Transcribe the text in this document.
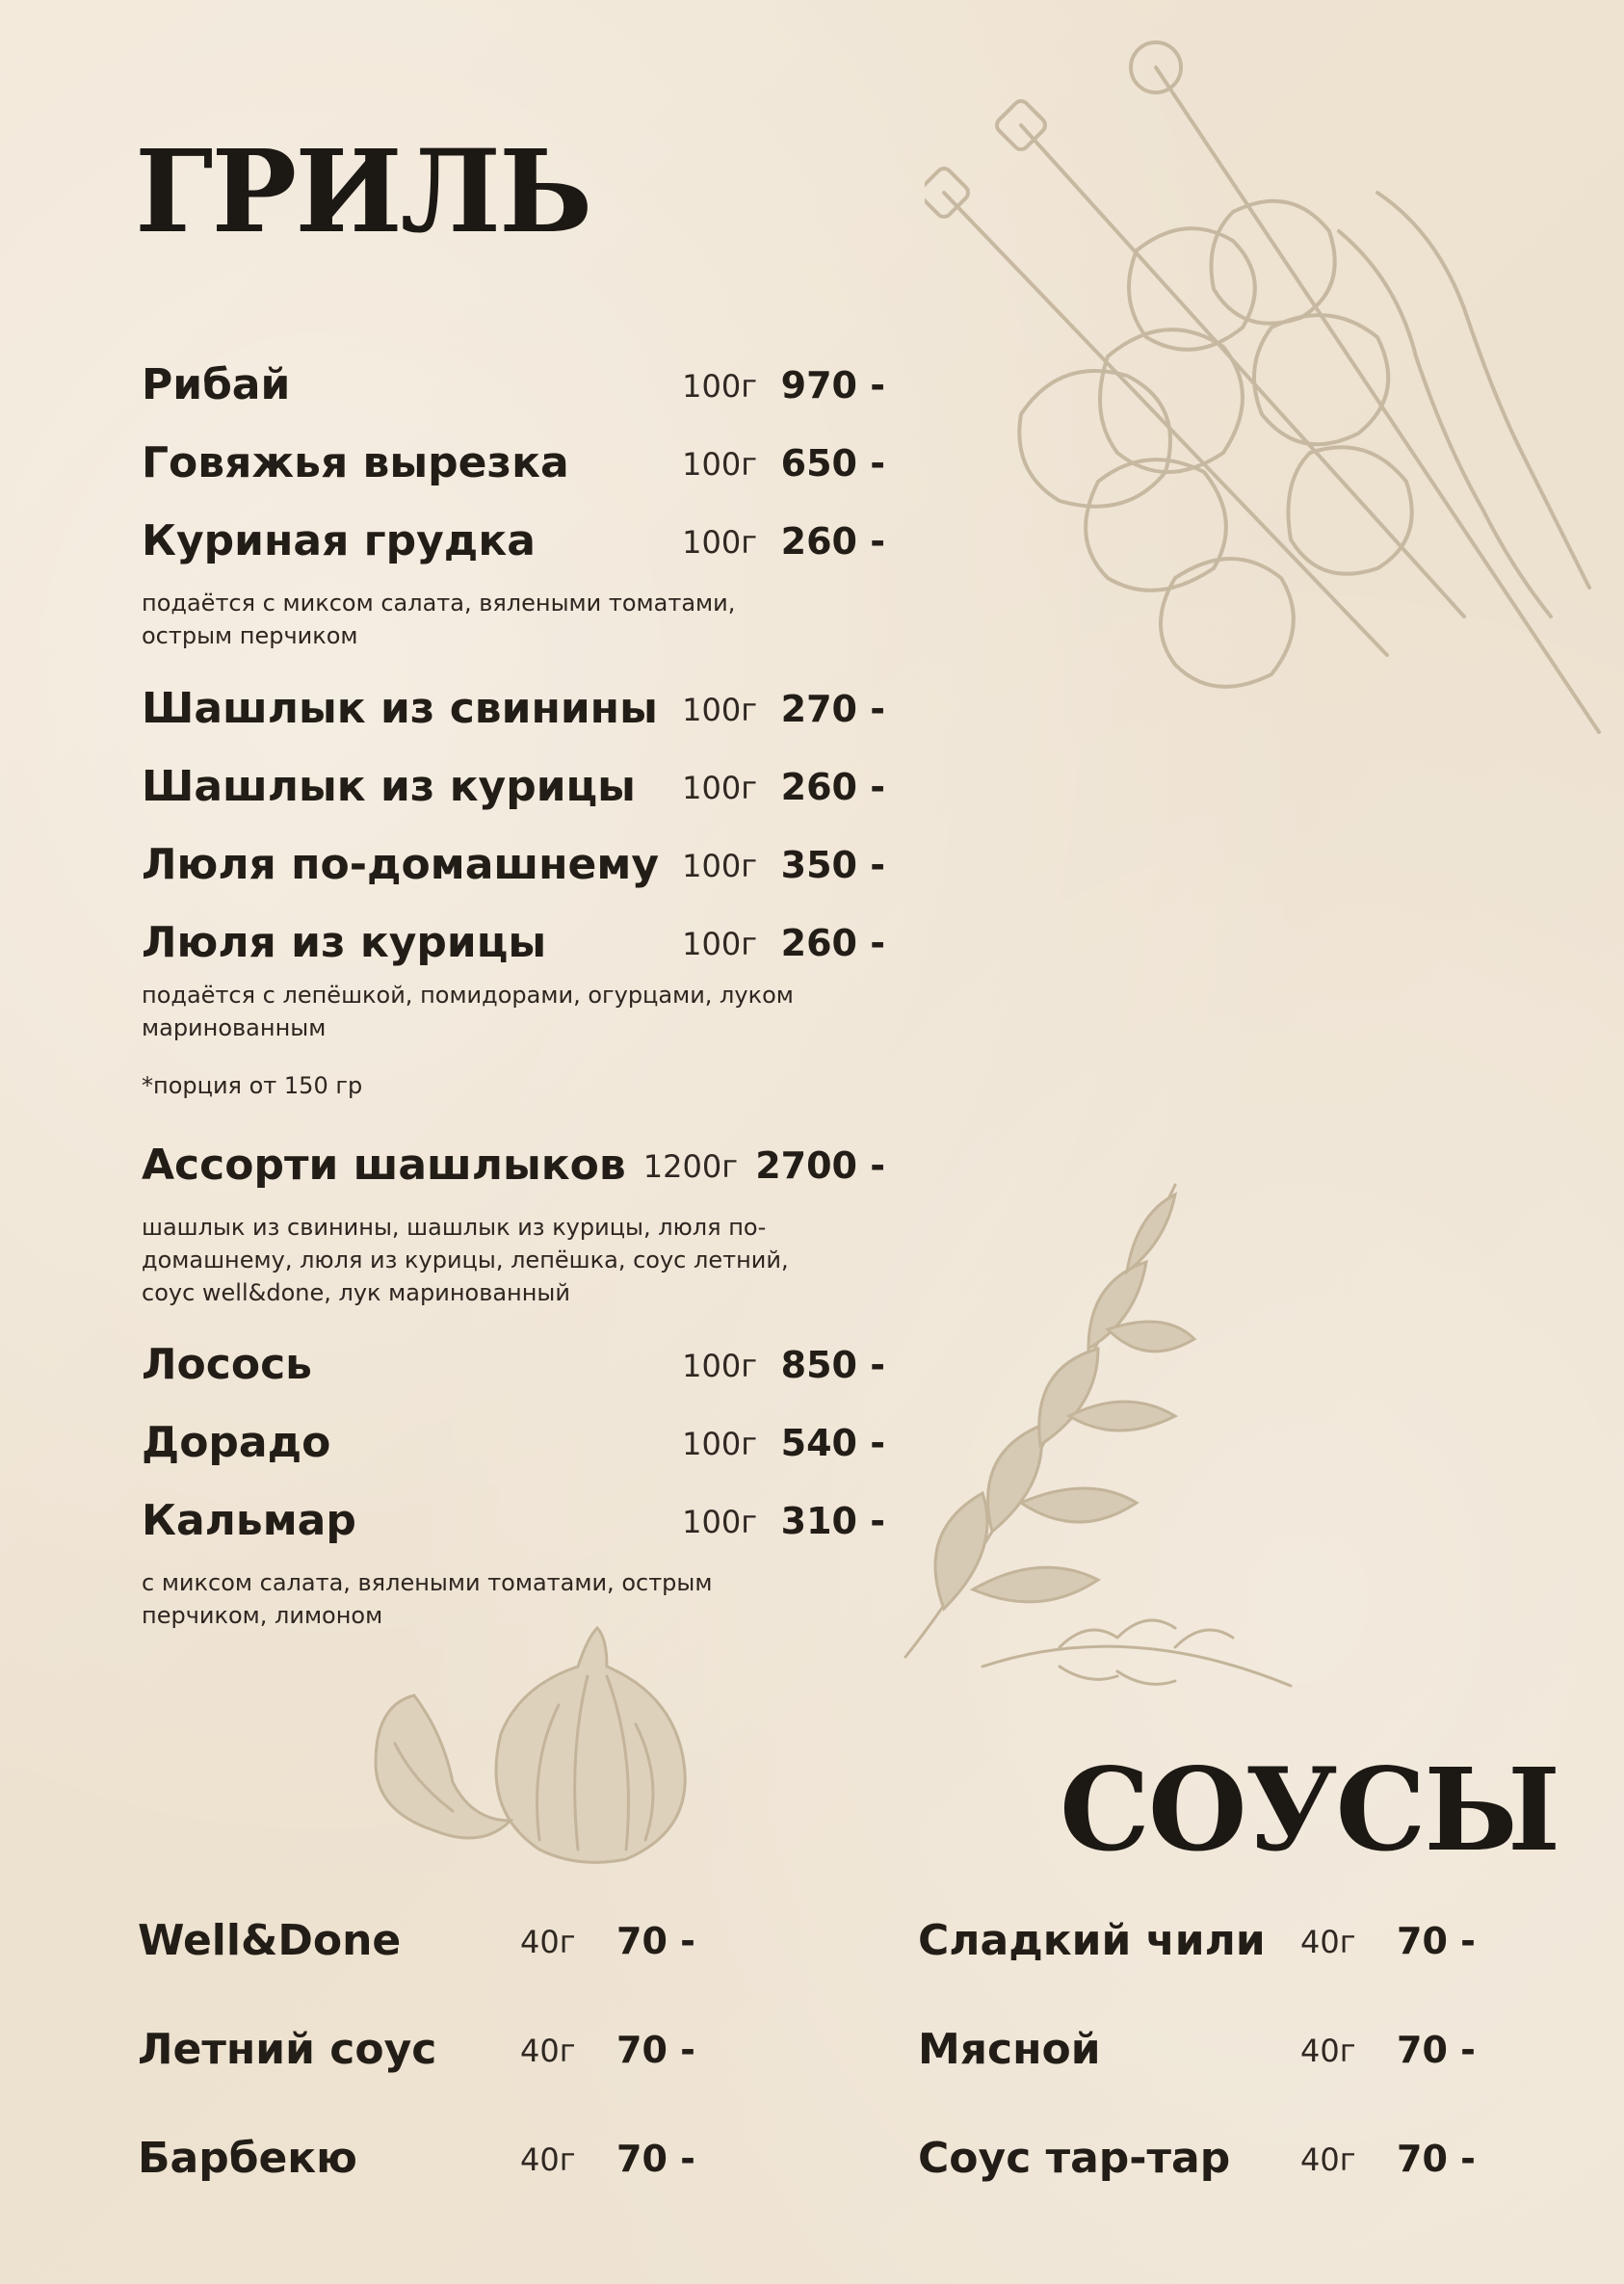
ГРИЛЬ
Рибай	100г 970 -
Говяжья вырезка	100г 650 -
Куриная грудка	100г 260 -
подаётся с миксом салата, вялеными томатами, острым перчиком
Шашлык из свинины 100г 270 -
Шашлык из курицы 100г 260 -
Люля по-домашнему 100г 350 -
Люля из курицы	100г 260 -
подаётся с лепёшкой, помидорами, огурцами, луком маринованным
*порция от 150 гр
Ассорти шашлыков 1200г 2700 -
шашлык из свинины, шашлык из курицы, люля по-домашнему, люля из курицы, лепёшка, соус летний, соус well&done, лук маринованный
Лосось	100г 850 -
Дорадо	100г 540 -
Кальмар	100г 310 -
с миксом салата, вялеными томатами, острым перчиком, лимоном
СОУСЫ
Well&Done	40г 70 -
Летний соус	40г 70 -
Барбекю	40г 70 -
Сладкий чили 40г 70 -
Мясной	40г 70 -
Соус тар-тар 40г 70 -
